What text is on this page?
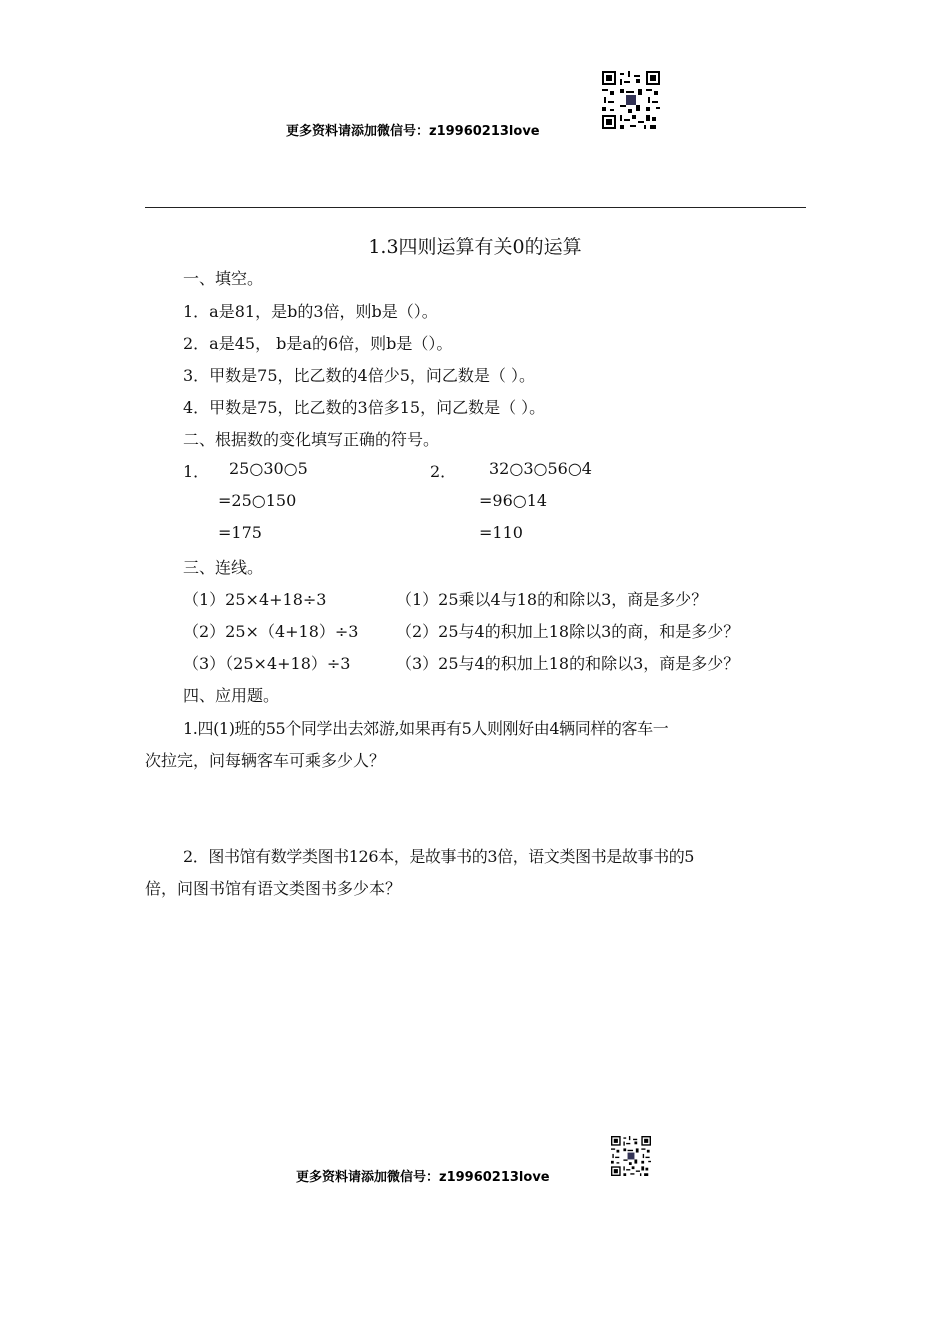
更多资料请添加微信号：z19960213love
1.3四则运算有关0的运算
一、填空。
1．a是81，是b的3倍，则b是（）。
2．a是45， b是a的6倍，则b是（）。
3．甲数是75，比乙数的4倍少5，问乙数是（ ）。
4．甲数是75，比乙数的3倍多15，问乙数是（ ）。
二、根据数的变化填写正确的符号。
1． 25○30○5
=25○150
=175
2． 32○3○56○4
=96○14
=110
三、连线。
（1）25×4+18÷3
（2）25×（4+18）÷3
（3）（25×4+18）÷3
（1）25乘以4与18的和除以3，商是多少？
（2）25与4的积加上18除以3的商，和是多少？
（3）25与4的积加上18的和除以3，商是多少？
四、应用题。
1.四(1)班的55个同学出去郊游,如果再有5人则刚好由4辆同样的客车一
次拉完，问每辆客车可乘多少人？
2．图书馆有数学类图书126本，是故事书的3倍，语文类图书是故事书的5
倍，问图书馆有语文类图书多少本？
更多资料请添加微信号：z19960213love
